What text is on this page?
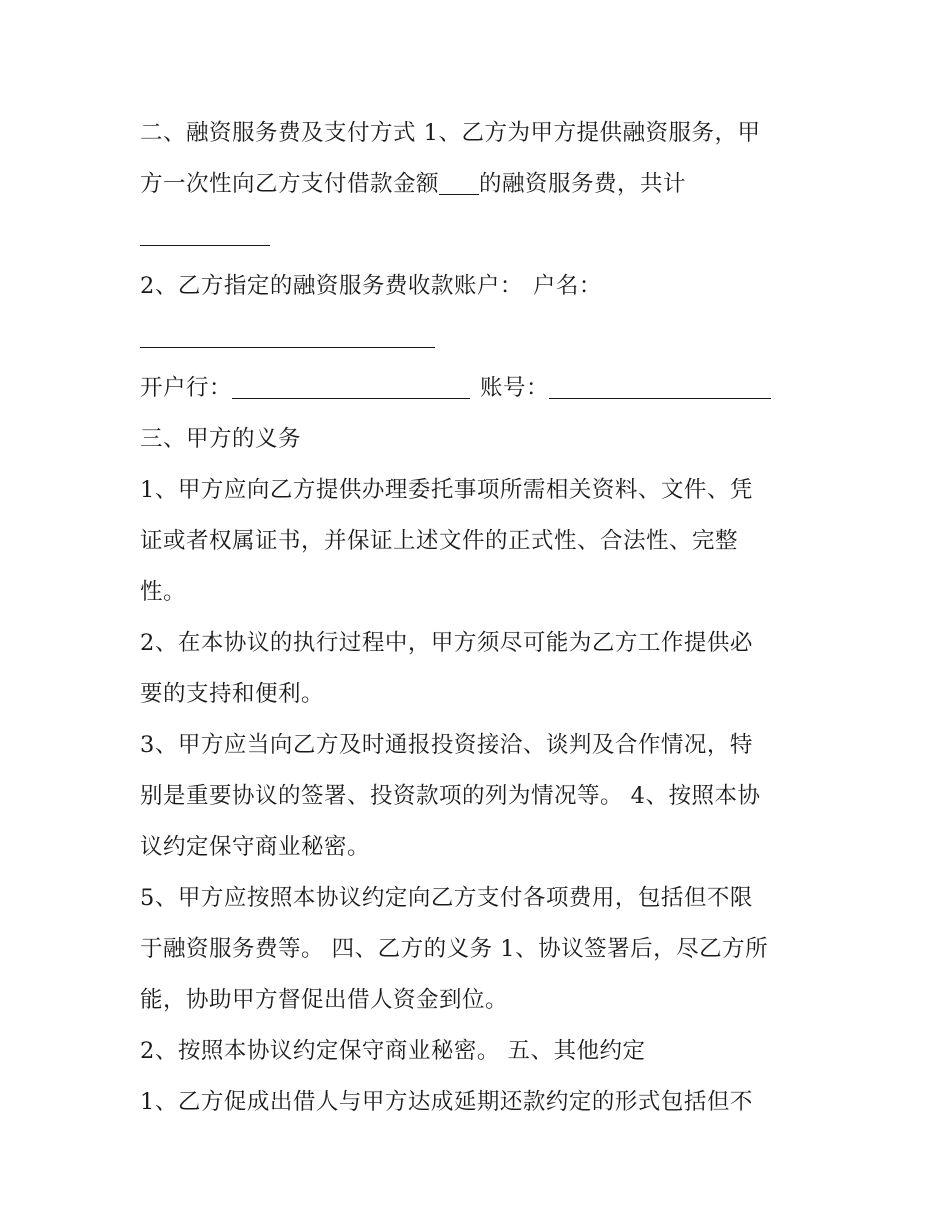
二、融资服务费及支付方式 1、乙方为甲方提供融资服务，甲
方一次性向乙方支付借款金额 的融资服务费，共计
2、乙方指定的融资服务费收款账户： 户名：
开户行：	账号：
三、甲方的义务
1、甲方应向乙方提供办理委托事项所需相关资料、文件、凭
证或者权属证书，并保证上述文件的正式性、合法性、完整
性。
2、在本协议的执行过程中，甲方须尽可能为乙方工作提供必
要的支持和便利。
3、甲方应当向乙方及时通报投资接洽、谈判及合作情况，特
别是重要协议的签署、投资款项的列为情况等。 4、按照本协
议约定保守商业秘密。
5、甲方应按照本协议约定向乙方支付各项费用，包括但不限
于融资服务费等。 四、乙方的义务 1、协议签署后，尽乙方所
能，协助甲方督促出借人资金到位。
2、按照本协议约定保守商业秘密。 五、其他约定
1、乙方促成出借人与甲方达成延期还款约定的形式包括但不
